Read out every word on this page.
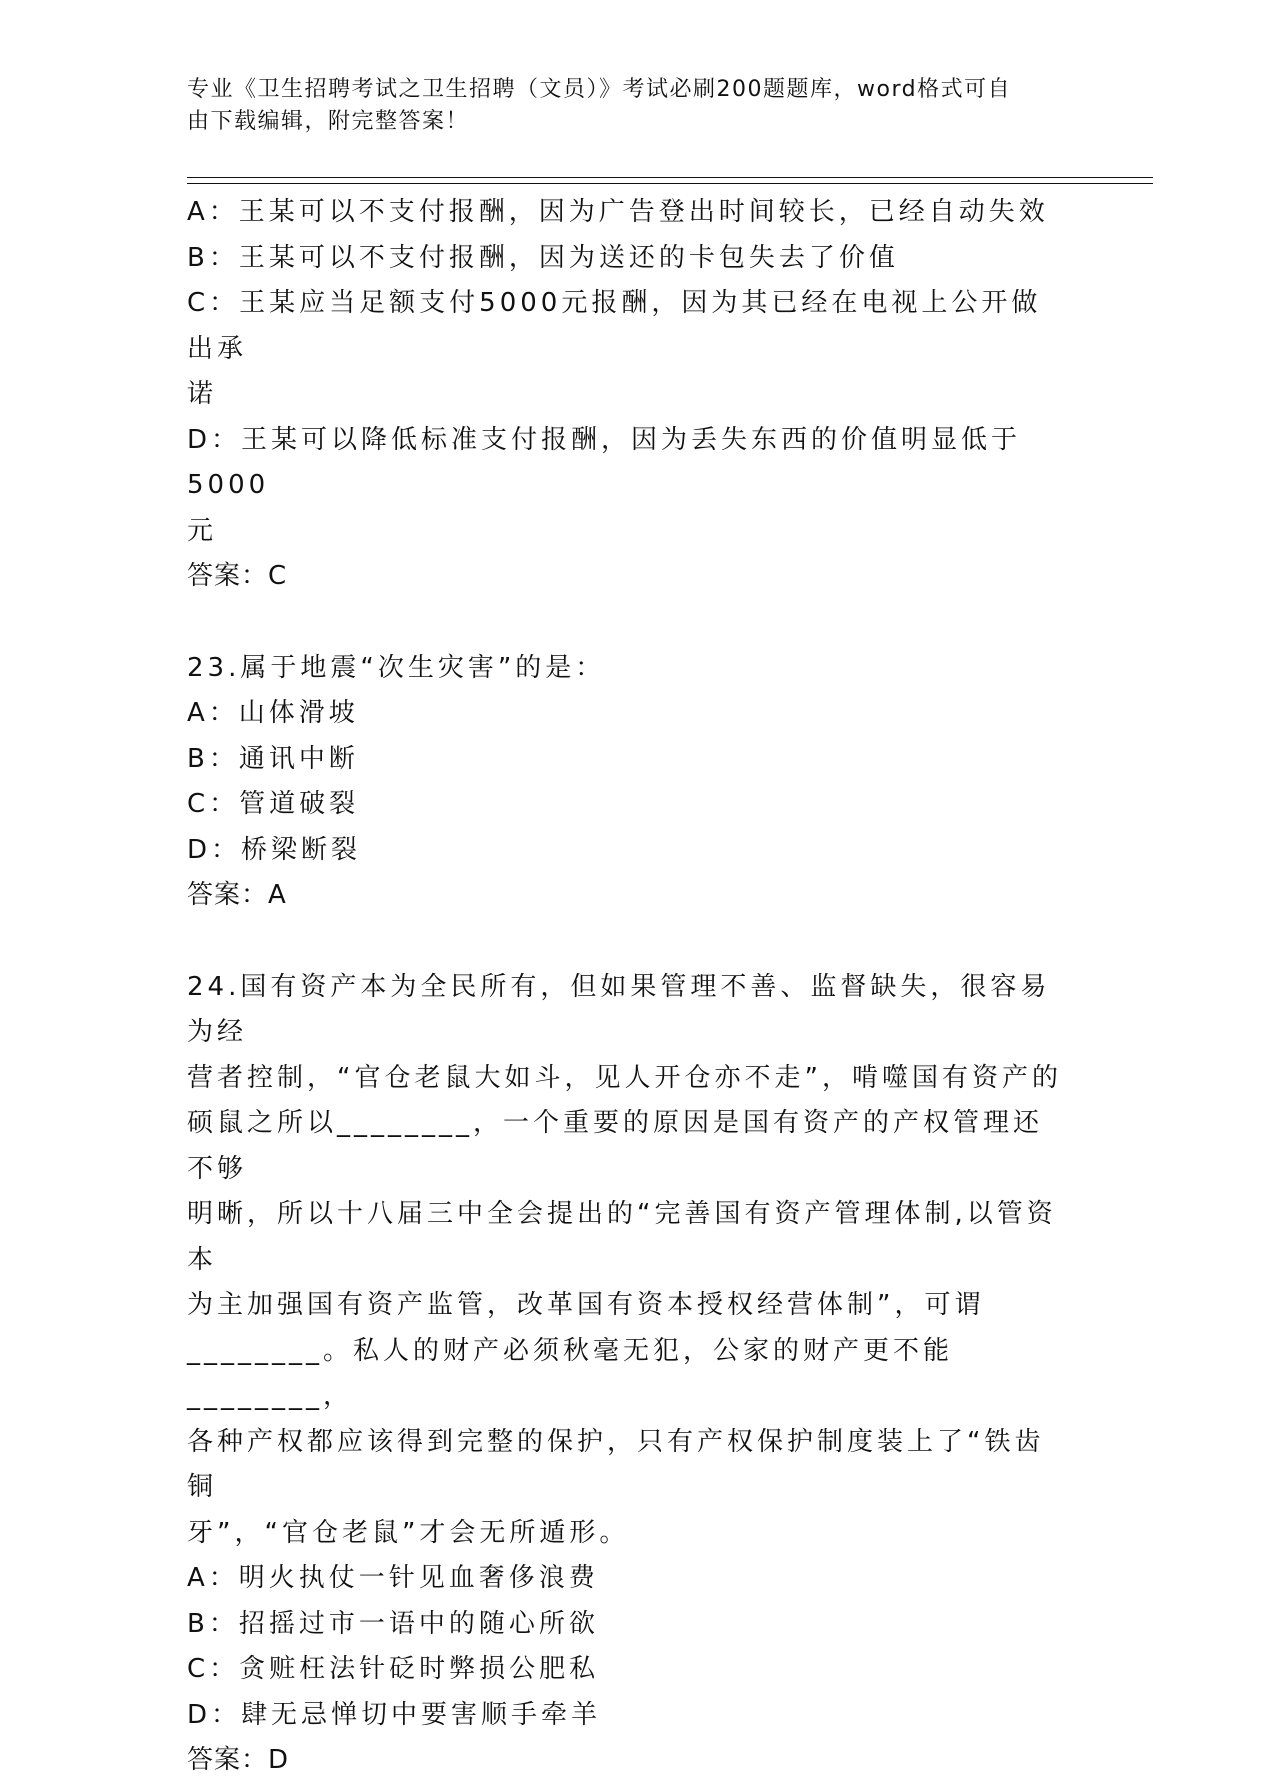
专业《卫生招聘考试之卫生招聘（文员）》考试必刷200题题库，word格式可自
由下载编辑，附完整答案！
A：王某可以不支付报酬，因为广告登出时间较长，已经自动失效
B：王某可以不支付报酬，因为送还的卡包失去了价值
C：王某应当足额支付5000元报酬，因为其已经在电视上公开做出承
诺
D：王某可以降低标准支付报酬，因为丢失东西的价值明显低于5000
元
答案：C
23.属于地震“次生灾害”的是：
A：山体滑坡
B：通讯中断
C：管道破裂
D：桥梁断裂
答案：A
24.国有资产本为全民所有，但如果管理不善、监督缺失，很容易为经
营者控制，“官仓老鼠大如斗，见人开仓亦不走”，啃噬国有资产的
硕鼠之所以________，一个重要的原因是国有资产的产权管理还不够
明晰，所以十八届三中全会提出的“完善国有资产管理体制,以管资本
为主加强国有资产监管，改革国有资本授权经营体制”，可谓
________。私人的财产必须秋毫无犯，公家的财产更不能________，
各种产权都应该得到完整的保护，只有产权保护制度装上了“铁齿铜
牙”，“官仓老鼠”才会无所遁形。
A：明火执仗一针见血奢侈浪费
B：招摇过市一语中的随心所欲
C：贪赃枉法针砭时弊损公肥私
D：肆无忌惮切中要害顺手牵羊
答案：D
